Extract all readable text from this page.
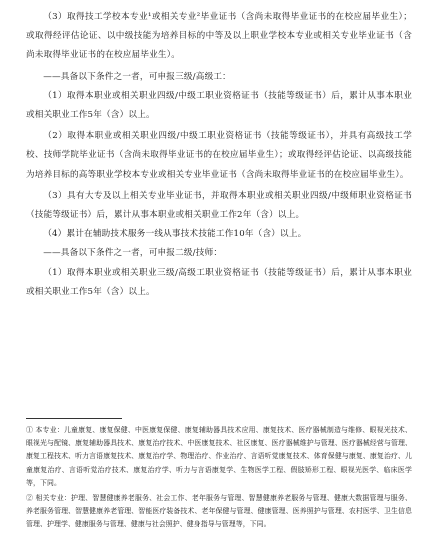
（3）取得技工学校本专业¹或相关专业²毕业证书（含尚未取得毕业证书的在校应届毕业生）；或取得经评估论证、以中级技能为培养目标的中等及以上职业学校本专业或相关专业毕业证书（含尚未取得毕业证书的在校应届毕业生）。

——具备以下条件之一者，可申报三级/高级工：

（1）取得本职业或相关职业四级/中级工职业资格证书（技能等级证书）后，累计从事本职业或相关职业工作5年（含）以上。

（2）取得本职业或相关职业四级/中级工职业资格证书（技能等级证书），并具有高级技工学校、技师学院毕业证书（含尚未取得毕业证书的在校应届毕业生）；或取得经评估论证、以高级技能为培养目标的高等职业学校本专业或相关专业毕业证书（含尚未取得毕业证书的在校应届毕业生）。

（3）具有大专及以上相关专业毕业证书，并取得本职业或相关职业四级/中级师职业资格证书（技能等级证书）后，累计从事本职业或相关职业工作2年（含）以上。

（4）累计在辅助技术服务一线从事技术技能工作10年（含）以上。

——具备以下条件之一者，可申报二级/技师：

（1）取得本职业或相关职业三级/高级工职业资格证书（技能等级证书）后，累计从事本职业或相关职业工作5年（含）以上。

① 本专业：儿童康复、康复保健、中医康复保健、康复辅助器具技术应用、康复技术、医疗器械制造与维修、眼视光技术、眼视光与配镜、康复辅助器具技术、康复治疗技术、中医康复技术、社区康复、医疗器械维护与管理、医疗器械经营与管理、康复工程技术、听力言语康复技术、康复治疗学、物理治疗、作业治疗、言语听觉康复技术、体育保健与康复、康复治疗、儿童康复治疗、言语听觉治疗技术、康复治疗学、听力与言语康复学、生物医学工程、假肢矫形工程、眼视光医学、临床医学等，下同。

② 相关专业：护理、智慧健康养老服务、社会工作、老年服务与管理、智慧健康养老服务与管理、健康大数据管理与服务、养老服务管理、智慧健康养老管理、智能医疗装备技术、老年保健与管理、健康管理、医养照护与管理、农村医学、卫生信息管理、护理学、健康服务与管理、健康与社会照护、健身指导与管理等，下同。
